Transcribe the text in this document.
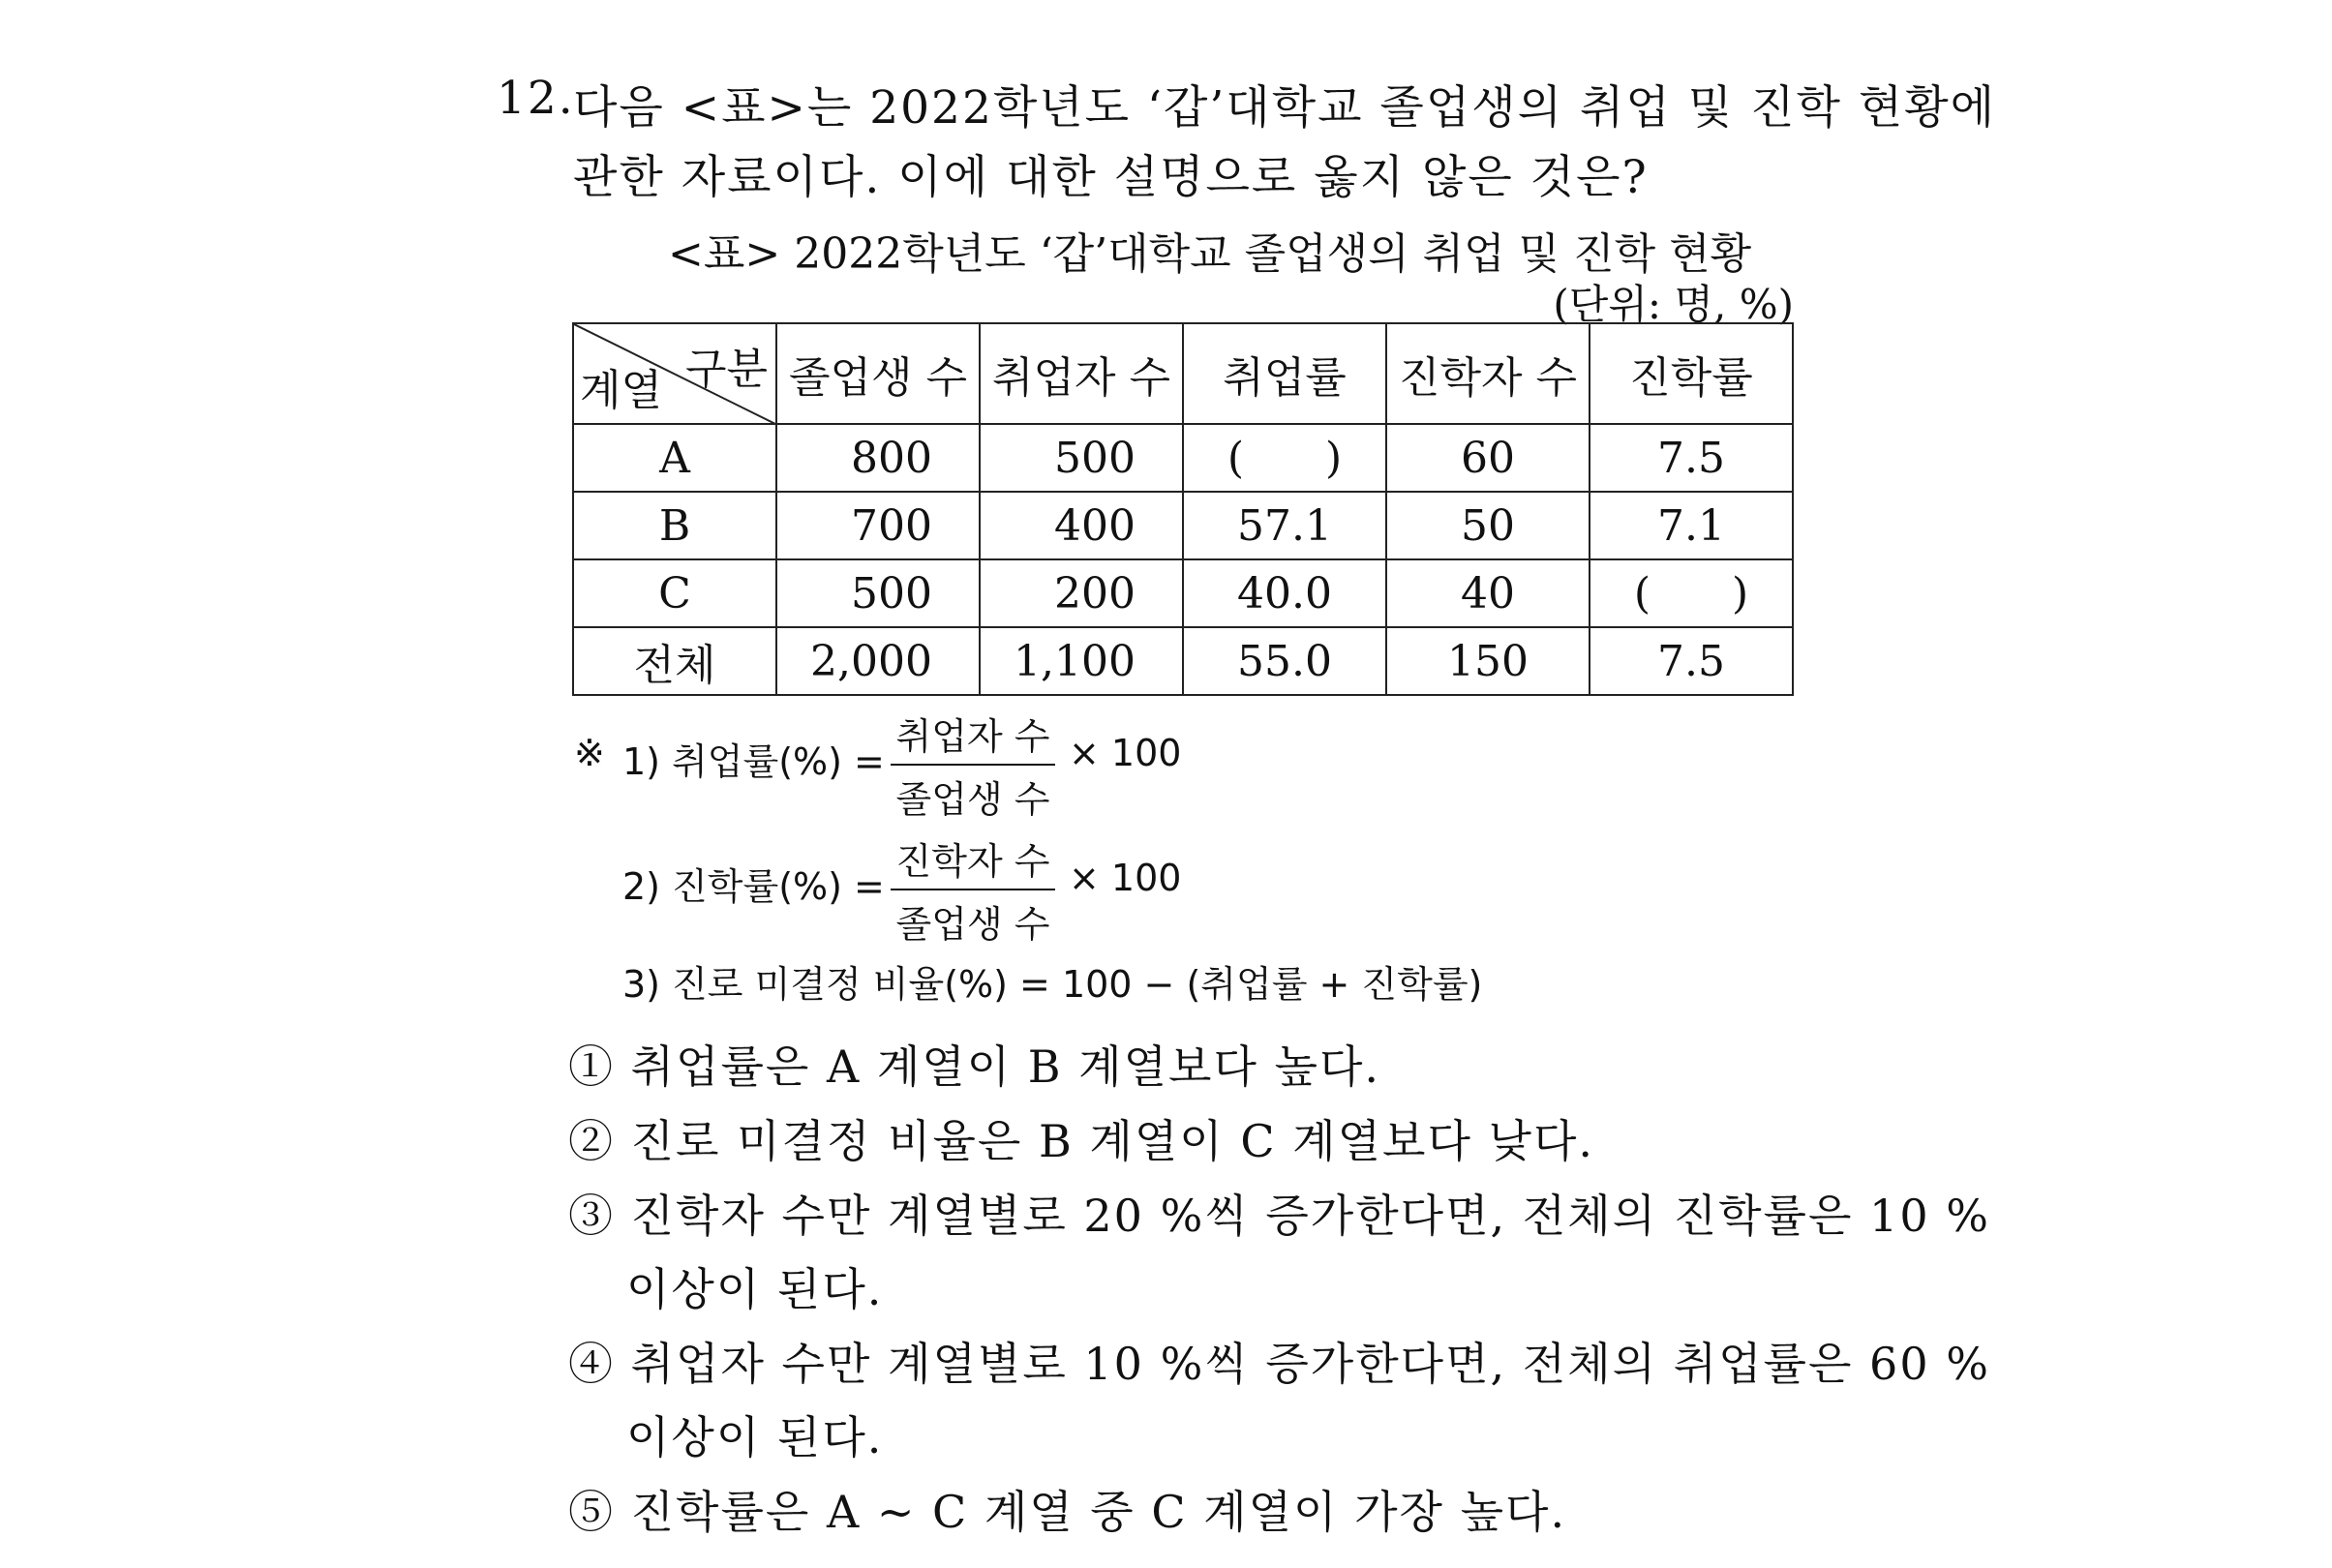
12.
다음 <표>는 2022학년도 ‘갑’대학교 졸업생의 취업 및 진학 현황에
관한 자료이다. 이에 대한 설명으로 옳지 않은 것은?
<표> 2022학년도 ‘갑’대학교 졸업생의 취업 및 진학 현황
(단위: 명, %)
구분
계열	졸업생 수	취업자 수	취업률	진학자 수	진학률
A	800	500	(      )	60	7.5
B	700	400	57.1	50	7.1
C	500	200	40.0	40	(      )
전체	2,000	1,100	55.0	150	7.5
※ 1) 취업률(%) =
취업자 수
졸업생 수
× 100
2) 진학률(%) =
진학자 수
졸업생 수
× 100
3) 진로 미결정 비율(%) = 100 − (취업률 + 진학률)
① 취업률은 A 계열이 B 계열보다 높다.
② 진로 미결정 비율은 B 계열이 C 계열보다 낮다.
③ 진학자 수만 계열별로 20 %씩 증가한다면, 전체의 진학률은 10 %
이상이 된다.
④ 취업자 수만 계열별로 10 %씩 증가한다면, 전체의 취업률은 60 %
이상이 된다.
⑤ 진학률은 A ~ C 계열 중 C 계열이 가장 높다.
